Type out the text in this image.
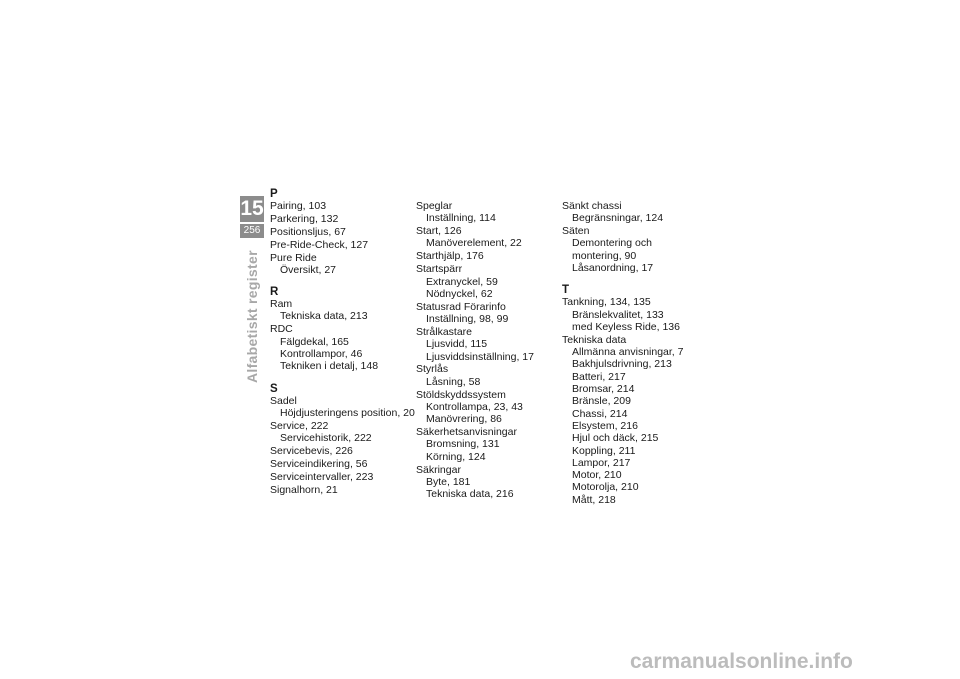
15
256
Alfabetiskt register
P
Pairing, 103
Parkering, 132
Positionsljus, 67
Pre-Ride-Check, 127
Pure Ride
Översikt, 27
R
Ram
Tekniska data, 213
RDC
Fälgdekal, 165
Kontrollampor, 46
Tekniken i detalj, 148
S
Sadel
Höjdjusteringens position, 20
Service, 222
Servicehistorik, 222
Servicebevis, 226
Serviceindikering, 56
Serviceintervaller, 223
Signalhorn, 21
Speglar
Inställning, 114
Start, 126
Manöverelement, 22
Starthjälp, 176
Startspärr
Extranyckel, 59
Nödnyckel, 62
Statusrad Förarinfo
Inställning, 98, 99
Strålkastare
Ljusvidd, 115
Ljusviddsinställning, 17
Styrlås
Låsning, 58
Stöldskyddssystem
Kontrollampa, 23, 43
Manövrering, 86
Säkerhetsanvisningar
Bromsning, 131
Körning, 124
Säkringar
Byte, 181
Tekniska data, 216
Sänkt chassi
Begränsningar, 124
Säten
Demontering och
montering, 90
Låsanordning, 17
T
Tankning, 134, 135
Bränslekvalitet, 133
med Keyless Ride, 136
Tekniska data
Allmänna anvisningar, 7
Bakhjulsdrivning, 213
Batteri, 217
Bromsar, 214
Bränsle, 209
Chassi, 214
Elsystem, 216
Hjul och däck, 215
Koppling, 211
Lampor, 217
Motor, 210
Motorolja, 210
Mått, 218
carmanualsonline.info
